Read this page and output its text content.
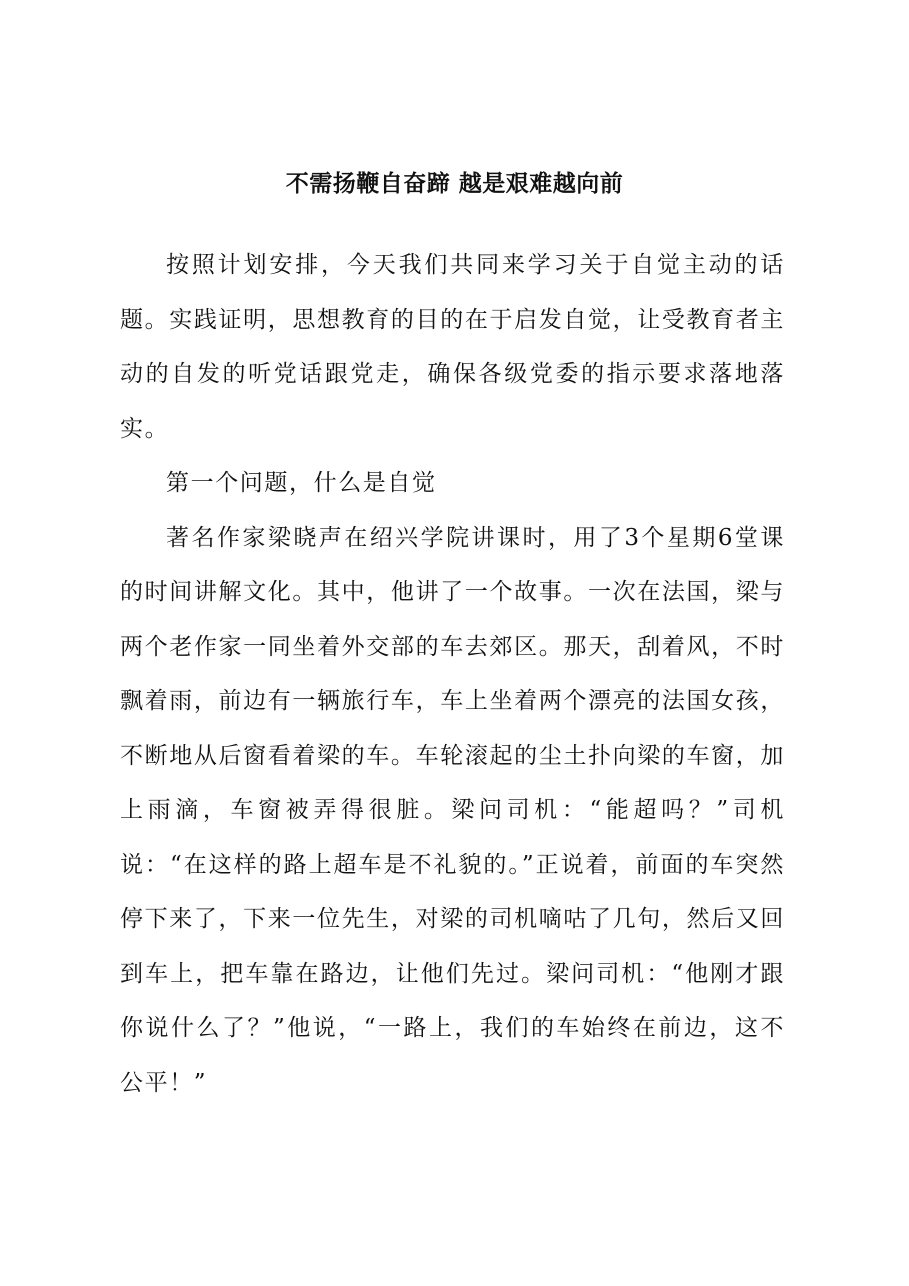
不需扬鞭自奋蹄 越是艰难越向前

按照计划安排，今天我们共同来学习关于自觉主动的话题。实践证明，思想教育的目的在于启发自觉，让受教育者主动的自发的听党话跟党走，确保各级党委的指示要求落地落实。

第一个问题，什么是自觉

著名作家梁晓声在绍兴学院讲课时，用了3个星期6堂课的时间讲解文化。其中，他讲了一个故事。一次在法国，梁与两个老作家一同坐着外交部的车去郊区。那天，刮着风，不时飘着雨，前边有一辆旅行车，车上坐着两个漂亮的法国女孩，不断地从后窗看着梁的车。车轮滚起的尘土扑向梁的车窗，加上雨滴，车窗被弄得很脏。梁问司机：“能超吗？”司机说：“在这样的路上超车是不礼貌的。”正说着，前面的车突然停下来了，下来一位先生，对梁的司机嘀咕了几句，然后又回到车上，把车靠在路边，让他们先过。梁问司机：“他刚才跟你说什么了？”他说，“一路上，我们的车始终在前边，这不公平！”
